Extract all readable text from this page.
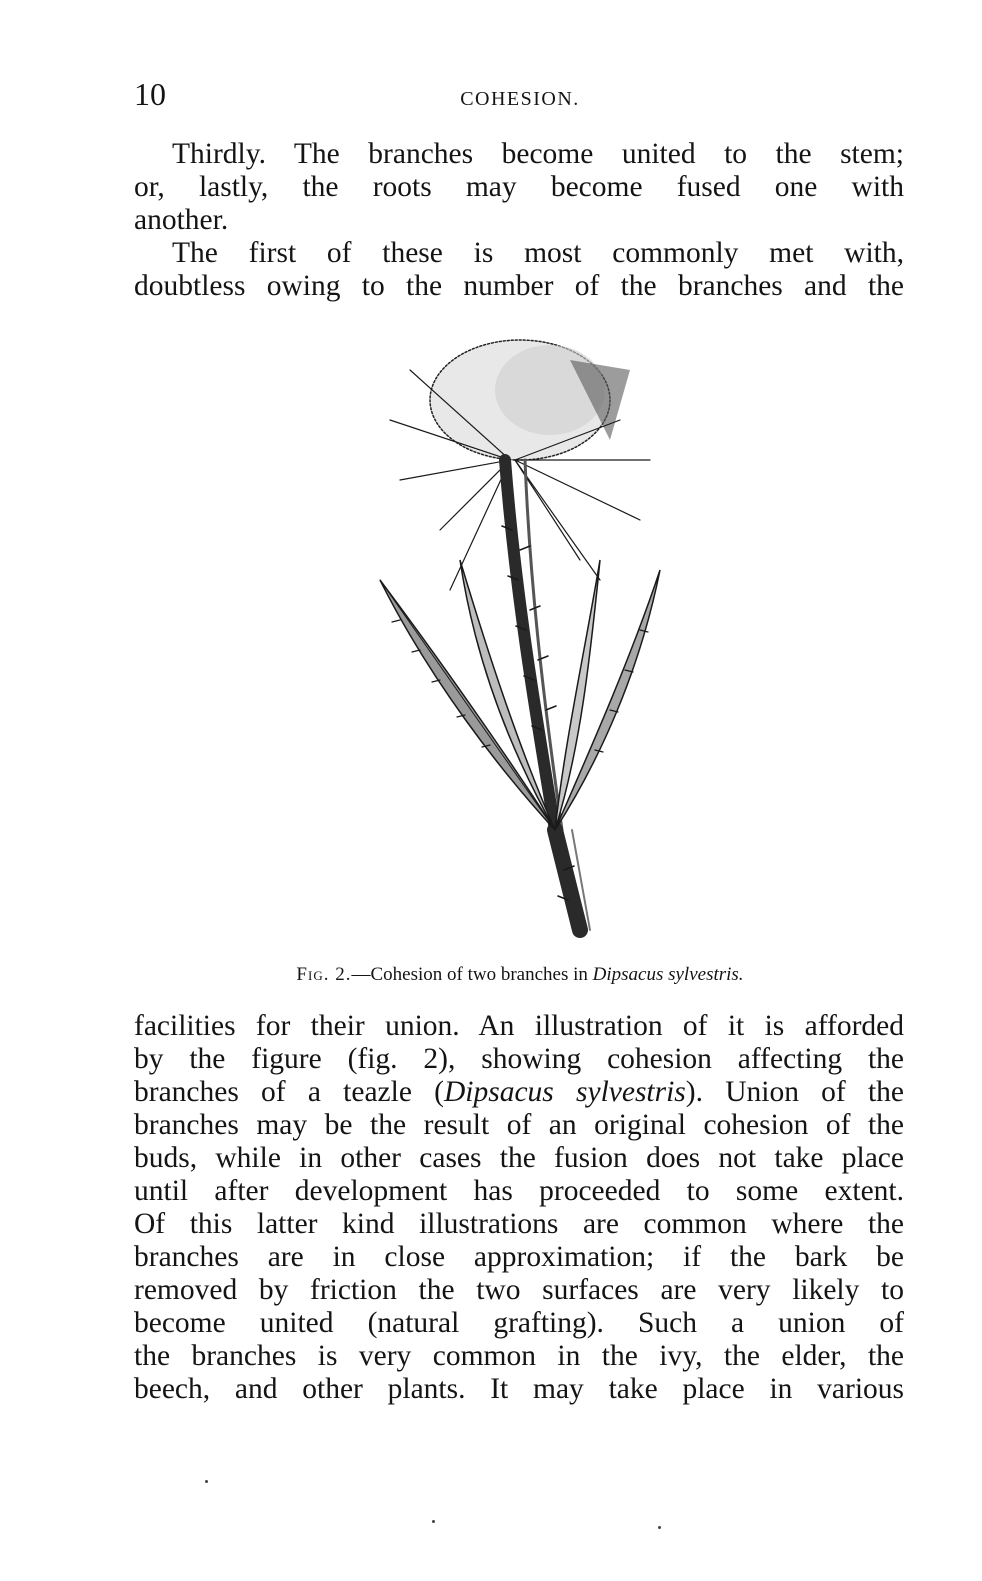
10	COHESION.

Thirdly. The branches become united to the stem;
or, lastly, the roots may become fused one with
another.

The first of these is most commonly met with,
doubtless owing to the number of the branches and the

Fig. 2.—Cohesion of two branches in Dipsacus sylvestris.

facilities for their union. An illustration of it is afforded
by the figure (fig. 2), showing cohesion affecting the
branches of a teazle (Dipsacus sylvestris). Union of the
branches may be the result of an original cohesion of the
buds, while in other cases the fusion does not take place
until after development has proceeded to some extent.
Of this latter kind illustrations are common where the
branches are in close approximation; if the bark be
removed by friction the two surfaces are very likely to
become united (natural grafting). Such a union of
the branches is very common in the ivy, the elder, the
beech, and other plants. It may take place in various
